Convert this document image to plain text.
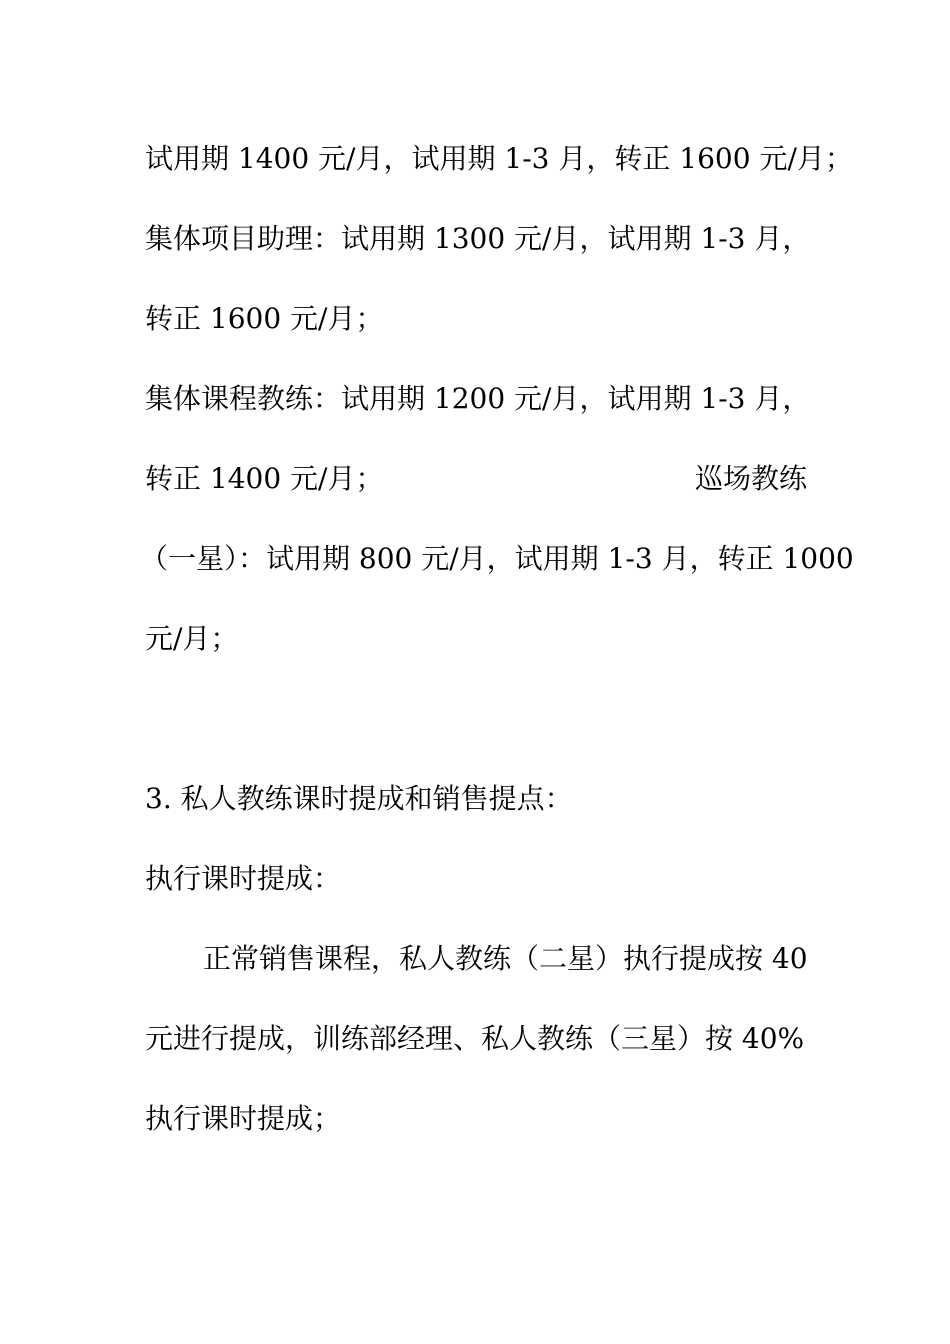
试用期 1400 元/月，试用期 1-3 月，转正 1600 元/月；
集体项目助理：试用期 1300 元/月，试用期 1-3 月，
转正 1600 元/月；
集体课程教练：试用期 1200 元/月，试用期 1-3 月，
转正 1400 元/月；	巡场教练
（一星）：试用期 800 元/月，试用期 1-3 月，转正 1000
元/月；
3. 私人教练课时提成和销售提点：
执行课时提成：
正常销售课程，私人教练（二星）执行提成按 40
元进行提成，训练部经理、私人教练（三星）按 40%
执行课时提成；
